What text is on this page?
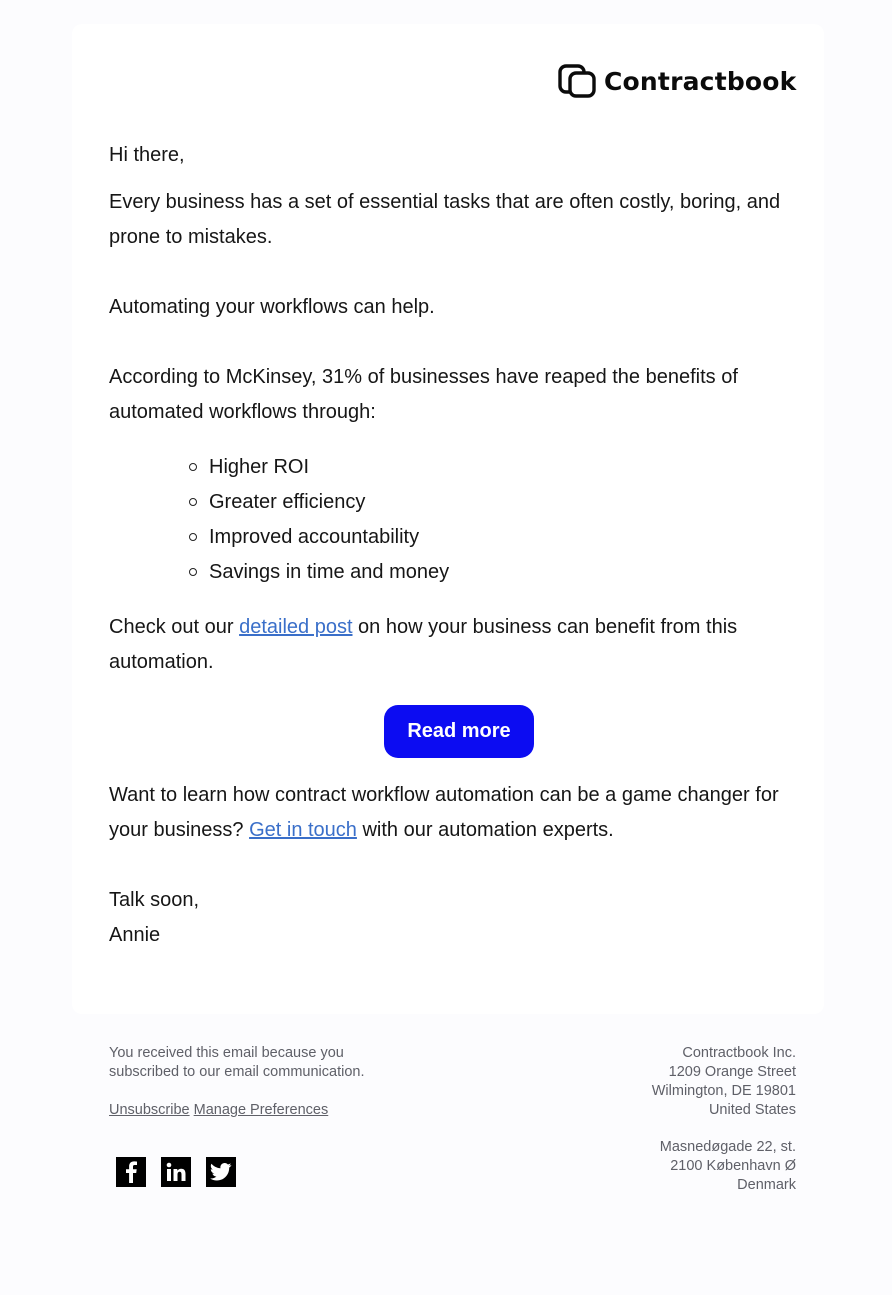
Contractbook

Hi there,

Every business has a set of essential tasks that are often costly, boring, and prone to mistakes.

Automating your workflows can help.

According to McKinsey, 31% of businesses have reaped the benefits of automated workflows through:

Higher ROI
Greater efficiency
Improved accountability
Savings in time and money

Check out our detailed post on how your business can benefit from this automation.

Read more

Want to learn how contract workflow automation can be a game changer for your business? Get in touch with our automation experts.

Talk soon,

Annie

You received this email because you

subscribed to our email communication.

Unsubscribe Manage Preferences

Contractbook Inc.

1209 Orange Street

Wilmington, DE 19801

United States

Masnedøgade 22, st.

2100 København Ø

Denmark
